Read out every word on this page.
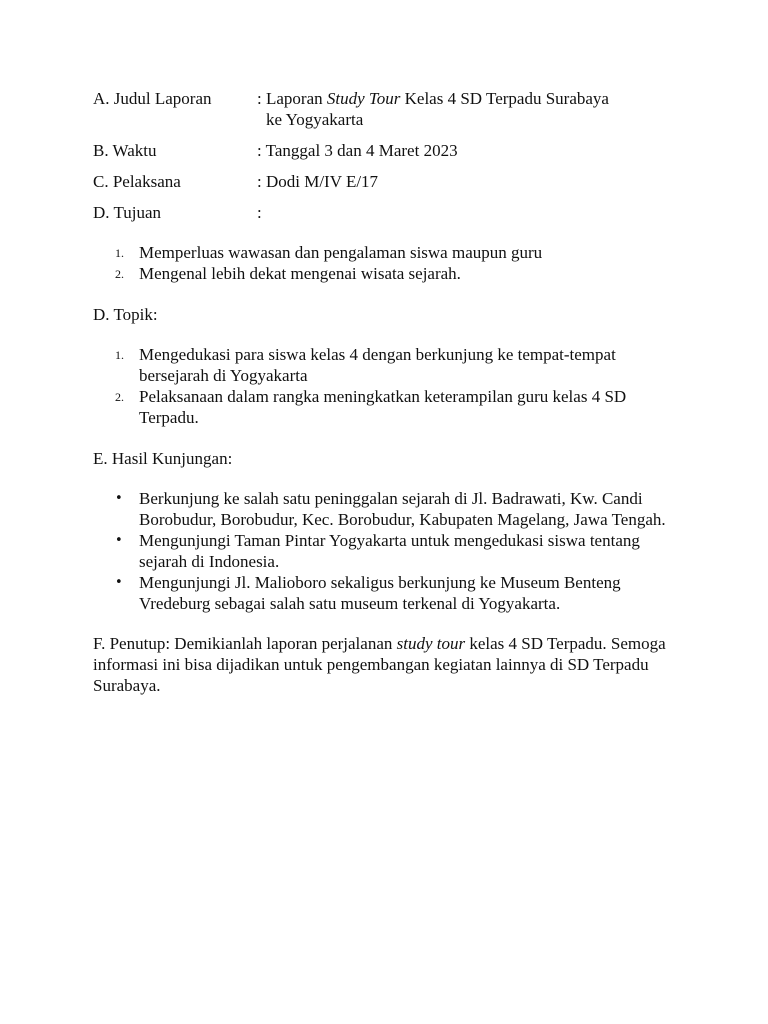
A. Judul Laporan	: Laporan Study Tour Kelas 4 SD Terpadu Surabaya
ke Yogyakarta
B. Waktu	: Tanggal 3 dan 4 Maret 2023
C. Pelaksana	: Dodi M/IV E/17
D. Tujuan	:
1. Memperluas wawasan dan pengalaman siswa maupun guru
2. Mengenal lebih dekat mengenai wisata sejarah.

D. Topik:

1. Mengedukasi para siswa kelas 4 dengan berkunjung ke tempat-tempat bersejarah di Yogyakarta
2. Pelaksanaan dalam rangka meningkatkan keterampilan guru kelas 4 SD Terpadu.

E. Hasil Kunjungan:

• Berkunjung ke salah satu peninggalan sejarah di Jl. Badrawati, Kw. Candi Borobudur, Borobudur, Kec. Borobudur, Kabupaten Magelang, Jawa Tengah.
• Mengunjungi Taman Pintar Yogyakarta untuk mengedukasi siswa tentang sejarah di Indonesia.
• Mengunjungi Jl. Malioboro sekaligus berkunjung ke Museum Benteng Vredeburg sebagai salah satu museum terkenal di Yogyakarta.

F. Penutup: Demikianlah laporan perjalanan study tour kelas 4 SD Terpadu. Semoga informasi ini bisa dijadikan untuk pengembangan kegiatan lainnya di SD Terpadu Surabaya.
